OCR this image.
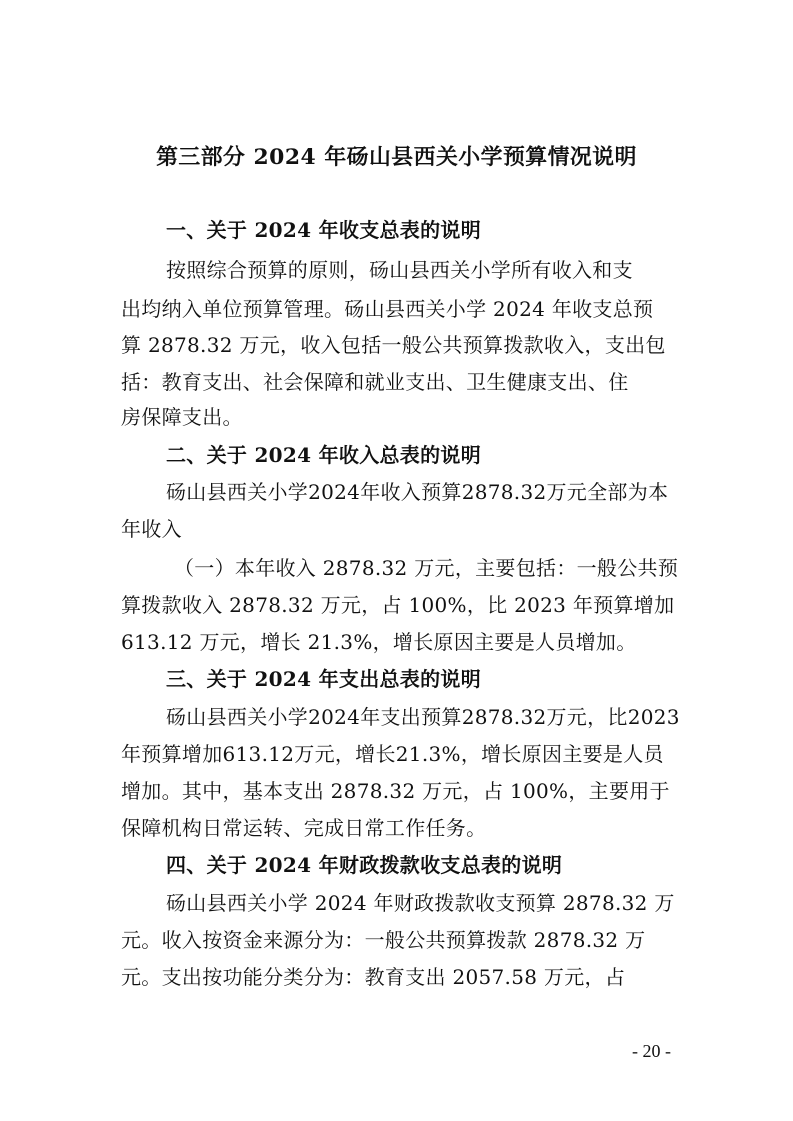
第三部分 2024 年砀山县西关小学预算情况说明
一、关于 2024 年收支总表的说明
按照综合预算的原则，砀山县西关小学所有收入和支
出均纳入单位预算管理。砀山县西关小学 2024 年收支总预
算 2878.32 万元，收入包括一般公共预算拨款收入，支出包
括：教育支出、社会保障和就业支出、卫生健康支出、住
房保障支出。
二、关于 2024 年收入总表的说明
砀山县西关小学2024年收入预算2878.32万元全部为本
年收入
（一）本年收入 2878.32 万元，主要包括：一般公共预
算拨款收入 2878.32 万元，占 100%，比 2023 年预算增加
613.12 万元，增长 21.3%，增长原因主要是人员增加。
三、关于 2024 年支出总表的说明
砀山县西关小学2024年支出预算2878.32万元，比2023
年预算增加613.12万元，增长21.3%，增长原因主要是人员
增加。其中，基本支出 2878.32 万元，占 100%，主要用于
保障机构日常运转、完成日常工作任务。
四、关于 2024 年财政拨款收支总表的说明
砀山县西关小学 2024 年财政拨款收支预算 2878.32 万
元。收入按资金来源分为：一般公共预算拨款 2878.32 万
元。支出按功能分类分为：教育支出 2057.58 万元，占
- 20 -
